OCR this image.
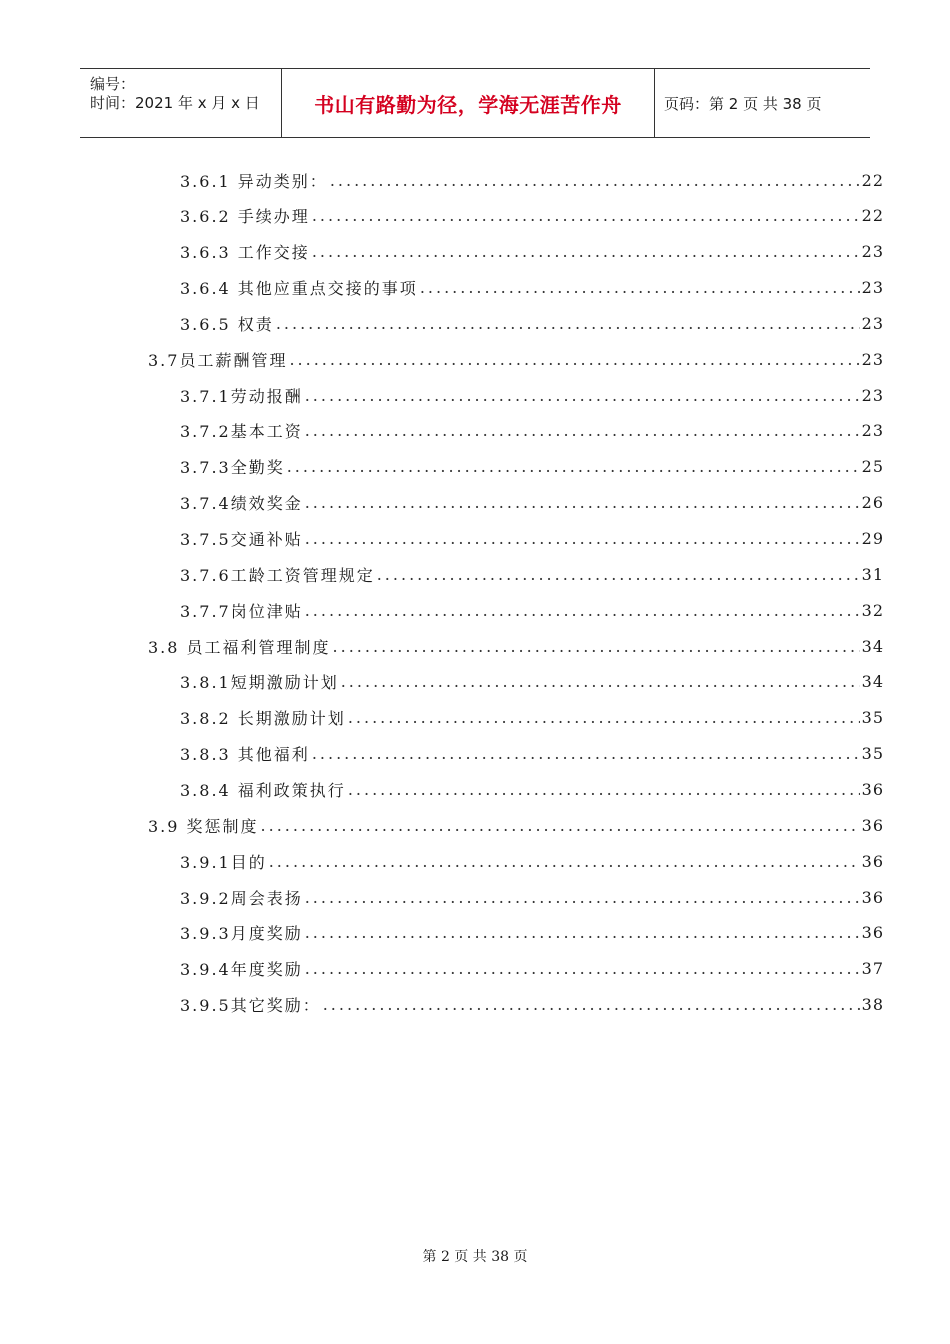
编号：
时间：2021 年 x 月 x 日	书山有路勤为径，学海无涯苦作舟	页码：第 2 页 共 38 页
3.6.1 异动类别： .....	22
3.6.2 手续办理 .....	22
3.6.3 工作交接 .....	23
3.6.4 其他应重点交接的事项 .....	23
3.6.5 权责 .....	23
3.7员工薪酬管理 .....	23
3.7.1劳动报酬 .....	23
3.7.2基本工资 .....	23
3.7.3全勤奖 .....	25
3.7.4绩效奖金 .....	26
3.7.5交通补贴 .....	29
3.7.6工龄工资管理规定 .....	31
3.7.7岗位津贴 .....	32
3.8 员工福利管理制度 .....	34
3.8.1短期激励计划 .....	34
3.8.2 长期激励计划 .....	35
3.8.3 其他福利 .....	35
3.8.4 福利政策执行 .....	36
3.9 奖惩制度 .....	36
3.9.1目的 .....	36
3.9.2周会表扬 .....	36
3.9.3月度奖励 .....	36
3.9.4年度奖励 .....	37
3.9.5其它奖励： .....	38
第 2 页 共 38 页
